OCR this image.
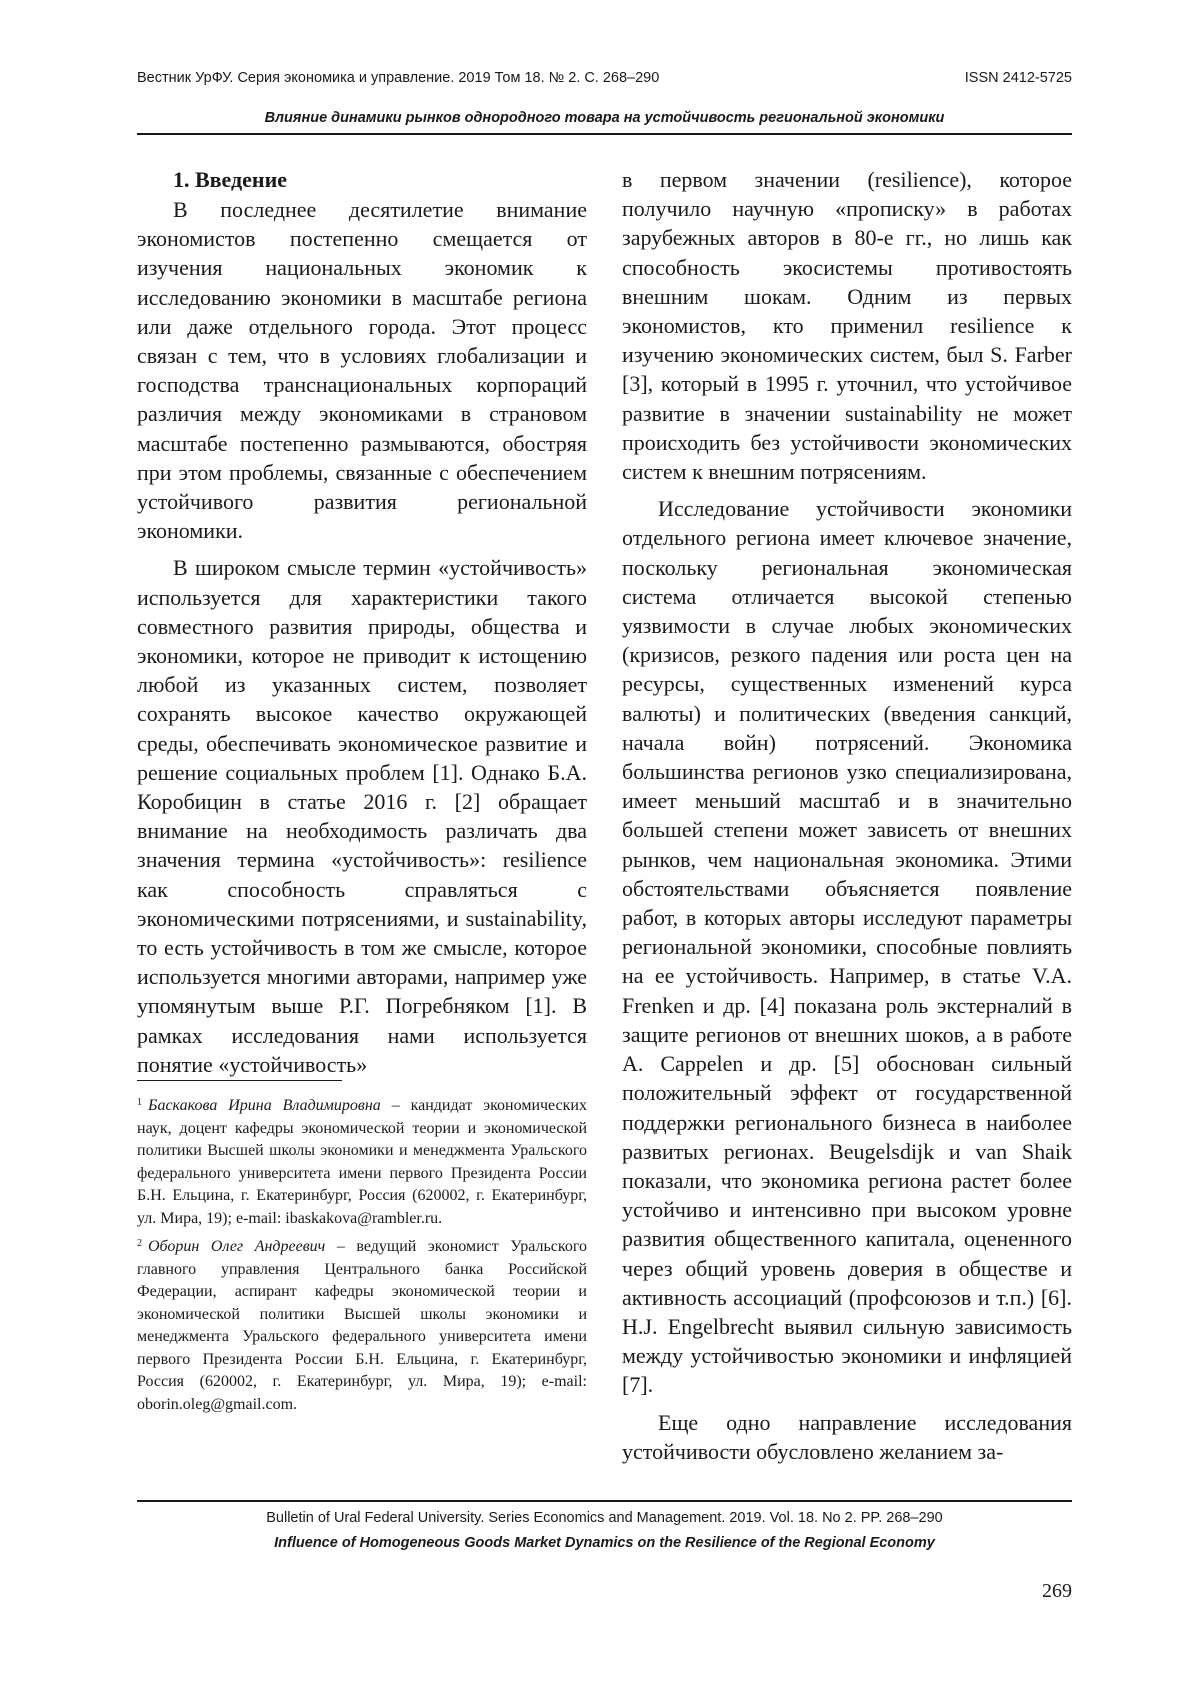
Вестник УрФУ. Серия экономика и управление. 2019 Том 18. № 2. С. 268–290	ISSN 2412-5725
Влияние динамики рынков однородного товара на устойчивость региональной экономики
1. Введение

В последнее десятилетие внимание экономистов постепенно смещается от изучения национальных экономик к исследованию экономики в масштабе региона или даже отдельного города. Этот процесс связан с тем, что в условиях глобализации и господства транснациональных корпораций различия между экономиками в страновом масштабе постепенно размываются, обостряя при этом проблемы, связанные с обеспечением устойчивого развития региональной экономики.

В широком смысле термин «устойчивость» используется для характеристики такого совместного развития природы, общества и экономики, которое не приводит к истощению любой из указанных систем, позволяет сохранять высокое качество окружающей среды, обеспечивать экономическое развитие и решение социальных проблем [1]. Однако Б.А. Коробицин в статье 2016 г. [2] обращает внимание на необходимость различать два значения термина «устойчивость»: resilience как способность справляться с экономическими потрясениями, и sustainability, то есть устойчивость в том же смысле, которое используется многими авторами, например уже упомянутым выше Р.Г. Погребняком [1]. В рамках исследования нами используется понятие «устойчивость»

в первом значении (resilience), которое получило научную «прописку» в работах зарубежных авторов в 80-е гг., но лишь как способность экосистемы противостоять внешним шокам. Одним из первых экономистов, кто применил resilience к изучению экономических систем, был S. Farber [3], который в 1995 г. уточнил, что устойчивое развитие в значении sustainability не может происходить без устойчивости экономических систем к внешним потрясениям.

Исследование устойчивости экономики отдельного региона имеет ключевое значение, поскольку региональная экономическая система отличается высокой степенью уязвимости в случае любых экономических (кризисов, резкого падения или роста цен на ресурсы, существенных изменений курса валюты) и политических (введения санкций, начала войн) потрясений. Экономика большинства регионов узко специализирована, имеет меньший масштаб и в значительно большей степени может зависеть от внешних рынков, чем национальная экономика. Этими обстоятельствами объясняется появление работ, в которых авторы исследуют параметры региональной экономики, способные повлиять на ее устойчивость. Например, в статье V.A. Frenken и др. [4] показана роль экстерналий в защите регионов от внешних шоков, а в работе A. Cappelen и др. [5] обоснован сильный положительный эффект от государственной поддержки регионального бизнеса в наиболее развитых регионах. Beugelsdijk и van Shaik показали, что экономика региона растет более устойчиво и интенсивно при высоком уровне развития общественного капитала, оцененного через общий уровень доверия в обществе и активность ассоциаций (профсоюзов и т.п.) [6]. H.J. Engelbrecht выявил сильную зависимость между устойчивостью экономики и инфляцией [7].

Еще одно направление исследования устойчивости обусловлено желанием за-

1 Баскакова Ирина Владимировна – кандидат экономических наук, доцент кафедры экономической теории и экономической политики Высшей школы экономики и менеджмента Уральского федерального университета имени первого Президента России Б.Н. Ельцина, г. Екатеринбург, Россия (620002, г. Екатеринбург, ул. Мира, 19); e-mail: ibaskakova@rambler.ru.

2 Оборин Олег Андреевич – ведущий экономист Уральского главного управления Центрального банка Российской Федерации, аспирант кафедры экономической теории и экономической политики Высшей школы экономики и менеджмента Уральского федерального университета имени первого Президента России Б.Н. Ельцина, г. Екатеринбург, Россия (620002, г. Екатеринбург, ул. Мира, 19); e-mail: oborin.oleg@gmail.com.

Bulletin of Ural Federal University. Series Economics and Management. 2019. Vol. 18. No 2. PP. 268–290
Influence of Homogeneous Goods Market Dynamics on the Resilience of the Regional Economy
269
